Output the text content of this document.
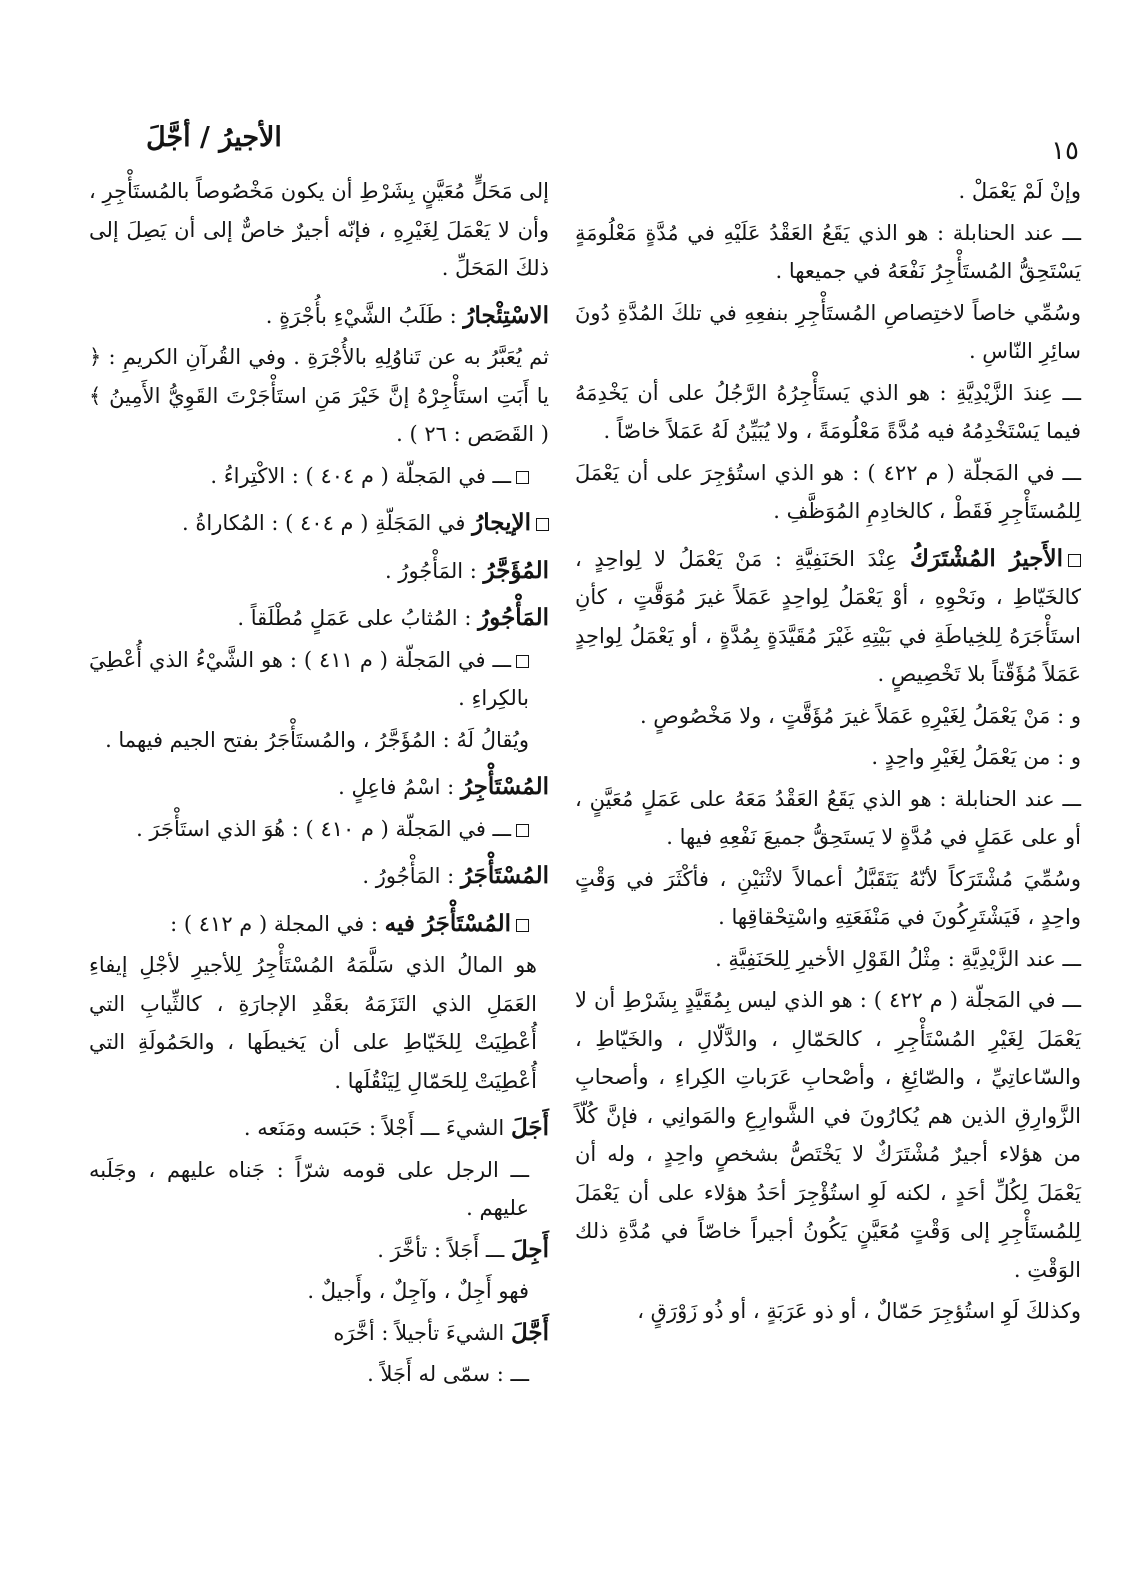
١٥
الأجيرُ / أجَّلَ

وإنْ لَمْ يَعْمَلْ .

ـــ عند الحنابلة : هو الذي يَقَعُ العَقْدُ عَلَيْهِ في مُدَّةٍ مَعْلُومَةٍ يَسْتَحِقُّ المُستَأْجِرُ نَفْعَهُ في جميعها .

وسُمِّي خاصاً لاختِصاصِ المُستَأْجِرِ بنفعِهِ في تلكَ المُدَّةِ دُونَ سائِرِ النّاسِ .

ـــ عِندَ الزَّيْدِيَّةِ : هو الذي يَستَأْجِرُهُ الرَّجُلُ على أن يَخْدِمَهُ فيما يَسْتَخْدِمُهُ فيه مُدَّةً مَعْلُومَةً ، ولا يُبَيِّنُ لَهُ عَمَلاً خاصّاً .

ـــ في المَجلّة ( م ٤٢٢ ) : هو الذي استُؤجِرَ على أن يَعْمَلَ لِلمُستَأْجِرِ فَقَطْ ، كالخادِمِ المُوَظَّفِ .

الأَجيرُ المُشْتَرَكُ عِنْدَ الحَنَفِيَّةِ : مَنْ يَعْمَلُ لا لِواحِدٍ ، كالخَيّاطِ ، ونَحْوِهِ ، أوْ يَعْمَلُ لِواحِدٍ عَمَلاً غيرَ مُوَقَّتٍ ، كأنِ استَأْجَرَهُ لِلخِياطَةِ في بَيْتِهِ غَيْرَ مُقَيَّدَةٍ بِمُدَّةٍ ، أو يَعْمَلُ لِواحِدٍ عَمَلاً مُؤَقّتاً بلا تَخْصِيصٍ .

و : مَنْ يَعْمَلُ لِغَيْرِهِ عَمَلاً غيرَ مُؤَقَّتٍ ، ولا مَخْصُوصٍ .

و : من يَعْمَلُ لِغَيْرِ واحِدٍ .

ـــ عند الحنابلة : هو الذي يَقَعُ العَقْدُ مَعَهُ على عَمَلٍ مُعَيَّنٍ ، أو على عَمَلٍ في مُدَّةٍ لا يَستَحِقُّ جميعَ نَفْعِهِ فيها .

وسُمِّيَ مُشْتَرَكاً لأنّهُ يَتَقَبَّلُ أعمالاً لاثْنَيْنِ ، فأكْثَرَ في وَقْتٍ واحِدٍ ، فَيَشْتَرِكُونَ في مَنْفَعَتِهِ واسْتِحْقاقِها .

ـــ عند الزَّيْدِيَّةِ : مِثْلُ القَوْلِ الأخيرِ لِلحَنَفِيَّةِ .

ـــ في المَجلّة ( م ٤٢٢ ) : هو الذي ليس بِمُقَيَّدٍ بِشَرْطِ أن لا يَعْمَلَ لِغَيْرِ المُسْتَأْجِرِ ، كالحَمّالِ ، والدَّلّالِ ، والخَيّاطِ ، والسّاعاتِيِّ ، والصّائِغِ ، وأصْحابِ عَرَباتِ الكِراءِ ، وأصحابِ الزَّوارِقِ الذين هم يُكارُونَ في الشَّوارِعِ والمَوانِي ، فإنَّ كُلّاً من هؤلاء أجيرٌ مُشْتَرَكٌ لا يَخْتَصُّ بشخصٍ واحِدٍ ، وله أن يَعْمَلَ لِكُلِّ أحَدٍ ، لكنه لَوِ استُؤْجِرَ أحَدُ هؤلاء على أن يَعْمَلَ لِلمُستَأْجِرِ إلى وَقْتٍ مُعَيَّنٍ يَكُونُ أجيراً خاصّاً في مُدَّةِ ذلك الوَقْتِ .

وكذلكَ لَوِ استُؤجِرَ حَمّالٌ ، أو ذو عَرَبَةٍ ، أو ذُو زَوْرَقٍ ،

إلى مَحَلٍّ مُعَيَّنٍ بِشَرْطِ أن يكون مَخْصُوصاً بالمُستَأْجِرِ ، وأن لا يَعْمَلَ لِغَيْرِهِ ، فإنّه أجيرٌ خاصٌّ إلى أن يَصِلَ إلى ذلكَ المَحَلِّ .

الاسْتِئْجارُ : طَلَبُ الشَّيْءِ بأُجْرَةٍ .

ثم يُعَبَّرُ به عن تَناوُلِهِ بالأُجْرَةِ . وفي القُرآنِ الكريمِ : ﴿ يا أَبَتِ استَأْجِرْهُ إنَّ خَيْرَ مَنِ استَأْجَرْتَ القَوِيُّ الأَمِينُ ﴾ ( القَصَص : ٢٦ ) .

ـــ في المَجلّة ( م ٤٠٤ ) : الاكْتِراءُ .

الإيجارُ في المَجَلّةِ ( م ٤٠٤ ) : المُكاراةُ .

المُؤَجَّرُ : المَأْجُورُ .

المَأْجُورُ : المُثابُ على عَمَلٍ مُطْلَقاً .

ـــ في المَجلّة ( م ٤١١ ) : هو الشَّيْءُ الذي أُعْطِيَ بالكِراءِ .

ويُقالُ لَهُ : المُؤَجَّرُ ، والمُستَأْجَرُ بفتح الجيم فيهما .

المُسْتَأْجِرُ : اسْمُ فاعِلٍ .

ـــ في المَجلّة ( م ٤١٠ ) : هُوَ الذي استَأْجَرَ .

المُسْتَأْجَرُ : المَأْجُورُ .

المُسْتَأْجَرُ فيه : في المجلة ( م ٤١٢ ) :

هو المالُ الذي سَلَّمَهُ المُسْتَأْجِرُ لِلأجيرِ لأجْلِ إيفاءِ العَمَلِ الذي التَزَمَهُ بعَقْدِ الإجارَةِ ، كالثِّيابِ التي أُعْطِيَتْ لِلخَيّاطِ على أن يَخيطَها ، والحَمُولَةِ التي أُعْطِيَتْ لِلحَمّالِ لِيَنْقُلَها .

أَجَلَ الشيءَ ـــ أَجْلاً : حَبَسه ومَنَعه .

ـــ الرجل على قومه شرّاً : جَناه عليهم ، وجَلَبه عليهم .

أَجِلَ ـــ أَجَلاً : تأخَّرَ .

فهو أَجِلٌ ، وآجِلٌ ، وأَجيلٌ .

أَجَّلَ الشيءَ تأجيلاً : أخَّرَه

ـــ : سمّى له أَجَلاً .
